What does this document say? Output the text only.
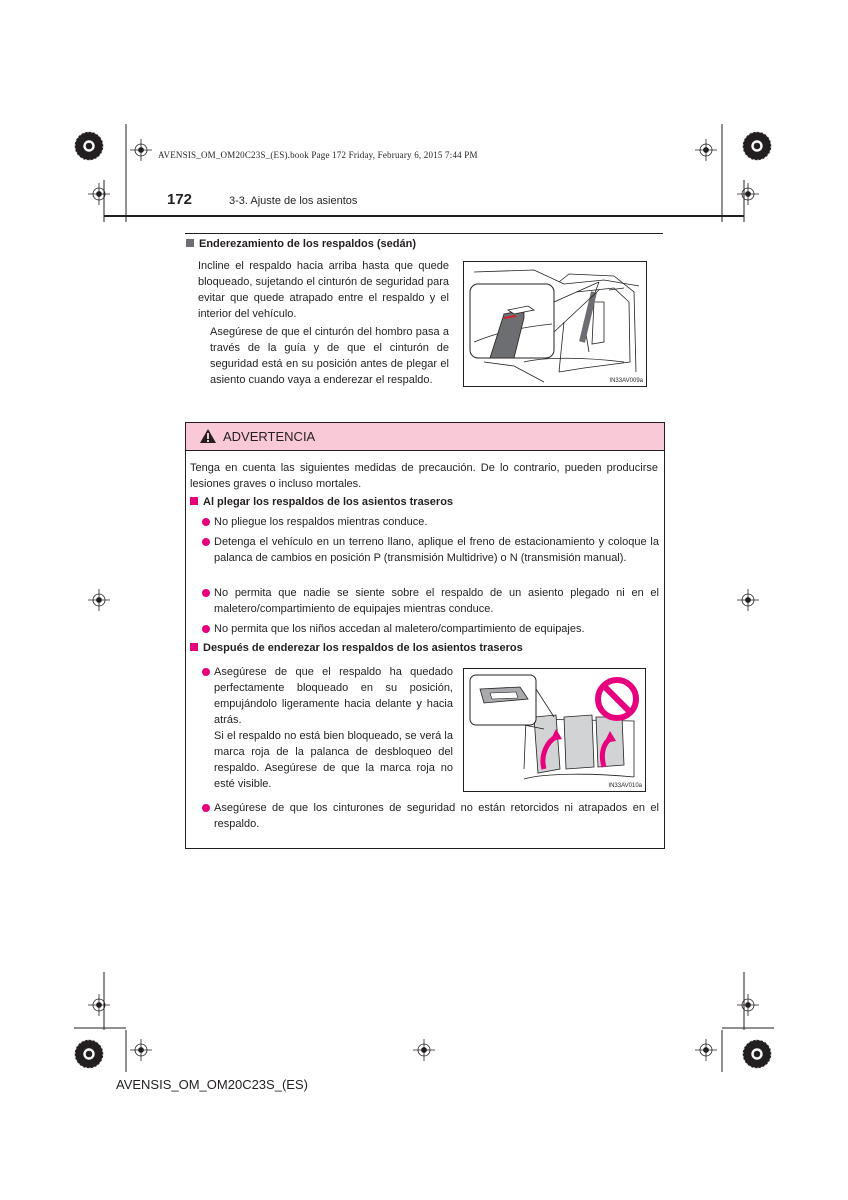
AVENSIS_OM_OM20C23S_(ES).book Page 172 Friday, February 6, 2015 7:44 PM
172	3-3. Ajuste de los asientos
Enderezamiento de los respaldos (sedán)
Incline el respaldo hacia arriba hasta que quede bloqueado, sujetando el cinturón de seguridad para evitar que quede atrapado entre el respaldo y el interior del vehículo.
Asegúrese de que el cinturón del hombro pasa a través de la guía y de que el cinturón de seguridad está en su posición antes de plegar el asiento cuando vaya a enderezar el respaldo.	IN33AV009a
ADVERTENCIA
Tenga en cuenta las siguientes medidas de precaución. De lo contrario, pueden producirse lesiones graves o incluso mortales.
Al plegar los respaldos de los asientos traseros
No pliegue los respaldos mientras conduce.
Detenga el vehículo en un terreno llano, aplique el freno de estacionamiento y coloque la palanca de cambios en posición P (transmisión Multidrive) o N (transmisión manual).
No permita que nadie se siente sobre el respaldo de un asiento plegado ni en el maletero/compartimiento de equipajes mientras conduce.
No permita que los niños accedan al maletero/compartimiento de equipajes.
Después de enderezar los respaldos de los asientos traseros
Asegúrese de que el respaldo ha quedado perfectamente bloqueado en su posición, empujándolo ligeramente hacia delante y hacia atrás.
Si el respaldo no está bien bloqueado, se verá la marca roja de la palanca de desbloqueo del respaldo. Asegúrese de que la marca roja no esté visible.	IN33AV010a
Asegúrese de que los cinturones de seguridad no están retorcidos ni atrapados en el respaldo.
AVENSIS_OM_OM20C23S_(ES)
